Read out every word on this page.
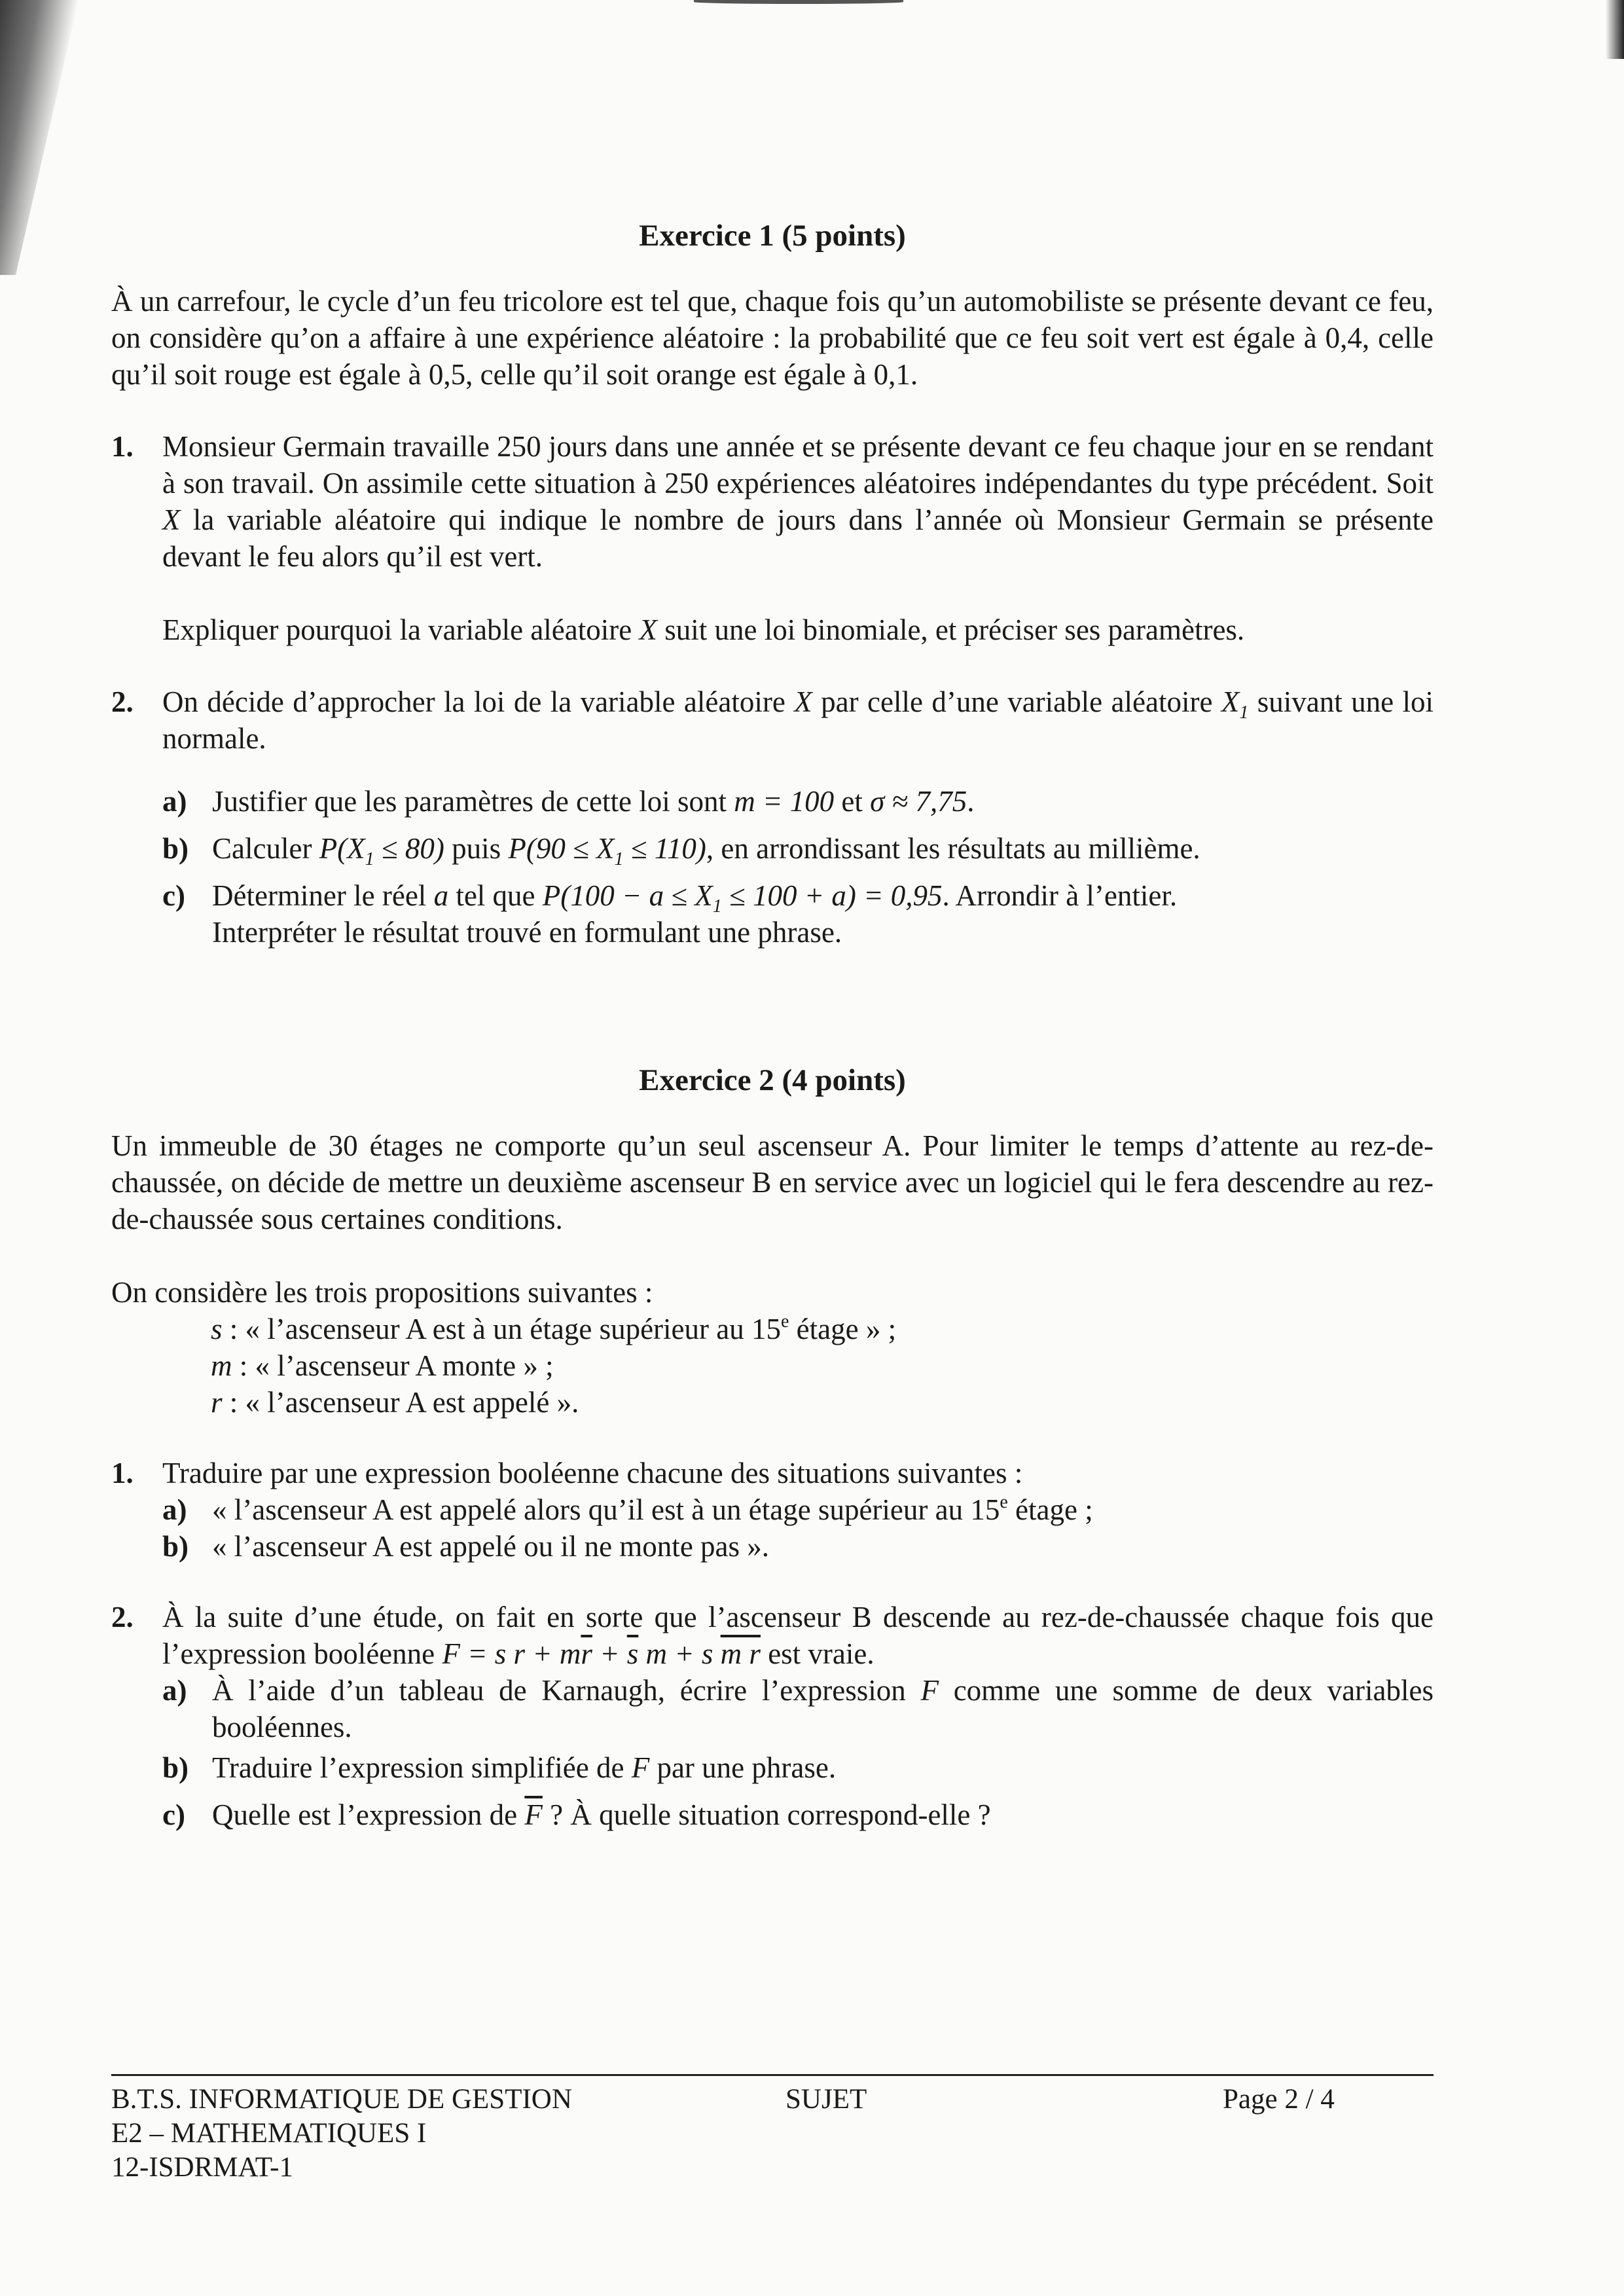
Exercice 1 (5 points)

À un carrefour, le cycle d’un feu tricolore est tel que, chaque fois qu’un automobiliste se présente devant ce feu, on considère qu’on a affaire à une expérience aléatoire : la probabilité que ce feu soit vert est égale à 0,4, celle qu’il soit rouge est égale à 0,5, celle qu’il soit orange est égale à 0,1.

1. Monsieur Germain travaille 250 jours dans une année et se présente devant ce feu chaque jour en se rendant à son travail. On assimile cette situation à 250 expériences aléatoires indépendantes du type précédent. Soit X la variable aléatoire qui indique le nombre de jours dans l’année où Monsieur Germain se présente devant le feu alors qu’il est vert.

Expliquer pourquoi la variable aléatoire X suit une loi binomiale, et préciser ses paramètres.

2. On décide d’approcher la loi de la variable aléatoire X par celle d’une variable aléatoire $X_1$ suivant une loi normale.

a) Justifier que les paramètres de cette loi sont m = 100 et σ ≈ 7,75.
b) Calculer $P(X_1 \le 80)$ puis $P(90 \le X_1 \le 110)$, en arrondissant les résultats au millième.
c) Déterminer le réel a tel que $P(100 - a \le X_1 \le 100 + a) = 0,95$. Arrondir à l’entier.
Interpréter le résultat trouvé en formulant une phrase.
Exercice 2 (4 points)

Un immeuble de 30 étages ne comporte qu’un seul ascenseur A. Pour limiter le temps d’attente au rez-de-chaussée, on décide de mettre un deuxième ascenseur B en service avec un logiciel qui le fera descendre au rez-de-chaussée sous certaines conditions.

On considère les trois propositions suivantes :

s : « l’ascenseur A est à un étage supérieur au 15e étage » ;

m : « l’ascenseur A monte » ;

r : « l’ascenseur A est appelé ».

1. Traduire par une expression booléenne chacune des situations suivantes :

a) « l’ascenseur A est appelé alors qu’il est à un étage supérieur au 15e étage ;
b) « l’ascenseur A est appelé ou il ne monte pas ».
2. À la suite d’une étude, on fait en sorte que l’ascenseur B descende au rez-de-chaussée chaque fois que l’expression booléenne F = s $r + m\overline{r} + \overline{s}$ m + s m r est vraie.

a) À l’aide d’un tableau de Karnaugh, écrire l’expression F comme une somme de deux variables booléennes.

b) Traduire l’expression simplifiée de F par une phrase.
c) Quelle est l’expression de $\overline{F}$ ? À quelle situation correspond-elle ?
B.T.S. INFORMATIQUE DE GESTION
E2 – MATHEMATIQUES I
12-ISDRMAT-1
SUJET	Page 2 / 4
